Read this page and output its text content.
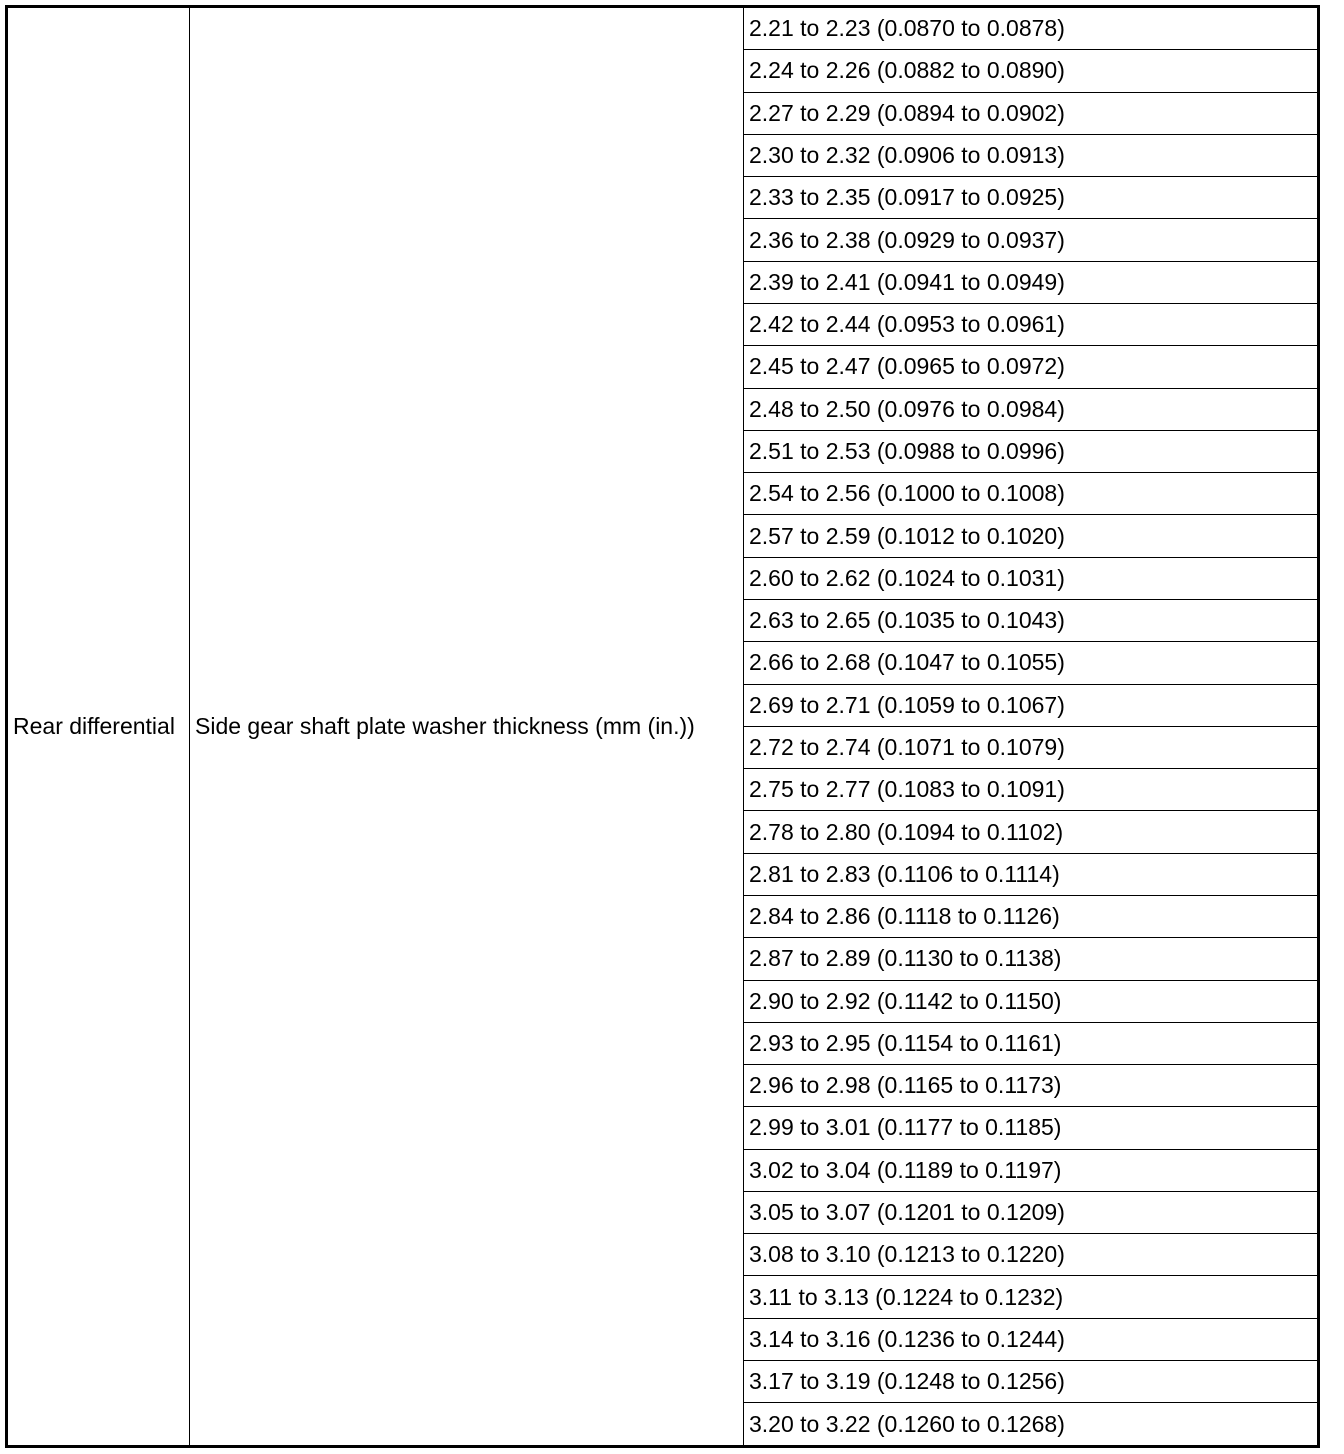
Rear differential	Side gear shaft plate washer thickness (mm (in.))	2.21 to 2.23 (0.0870 to 0.0878)
2.24 to 2.26 (0.0882 to 0.0890)
2.27 to 2.29 (0.0894 to 0.0902)
2.30 to 2.32 (0.0906 to 0.0913)
2.33 to 2.35 (0.0917 to 0.0925)
2.36 to 2.38 (0.0929 to 0.0937)
2.39 to 2.41 (0.0941 to 0.0949)
2.42 to 2.44 (0.0953 to 0.0961)
2.45 to 2.47 (0.0965 to 0.0972)
2.48 to 2.50 (0.0976 to 0.0984)
2.51 to 2.53 (0.0988 to 0.0996)
2.54 to 2.56 (0.1000 to 0.1008)
2.57 to 2.59 (0.1012 to 0.1020)
2.60 to 2.62 (0.1024 to 0.1031)
2.63 to 2.65 (0.1035 to 0.1043)
2.66 to 2.68 (0.1047 to 0.1055)
2.69 to 2.71 (0.1059 to 0.1067)
2.72 to 2.74 (0.1071 to 0.1079)
2.75 to 2.77 (0.1083 to 0.1091)
2.78 to 2.80 (0.1094 to 0.1102)
2.81 to 2.83 (0.1106 to 0.1114)
2.84 to 2.86 (0.1118 to 0.1126)
2.87 to 2.89 (0.1130 to 0.1138)
2.90 to 2.92 (0.1142 to 0.1150)
2.93 to 2.95 (0.1154 to 0.1161)
2.96 to 2.98 (0.1165 to 0.1173)
2.99 to 3.01 (0.1177 to 0.1185)
3.02 to 3.04 (0.1189 to 0.1197)
3.05 to 3.07 (0.1201 to 0.1209)
3.08 to 3.10 (0.1213 to 0.1220)
3.11 to 3.13 (0.1224 to 0.1232)
3.14 to 3.16 (0.1236 to 0.1244)
3.17 to 3.19 (0.1248 to 0.1256)
3.20 to 3.22 (0.1260 to 0.1268)
